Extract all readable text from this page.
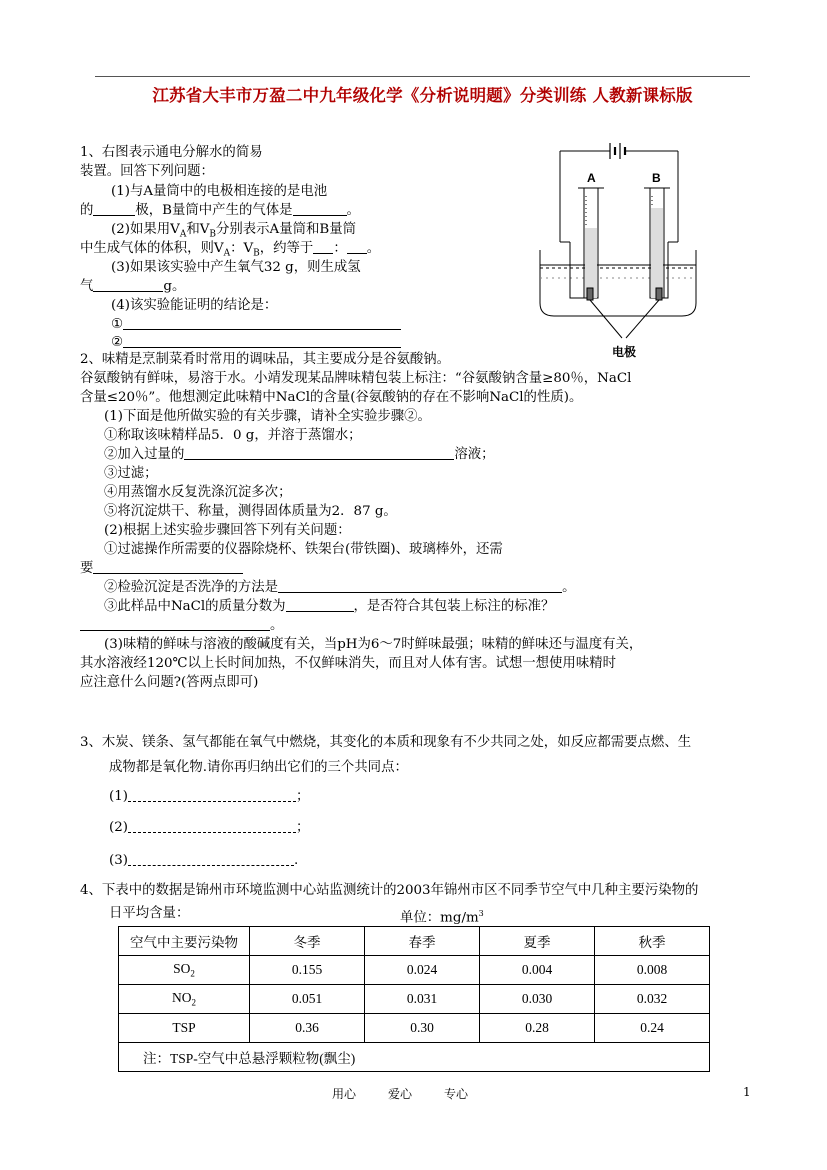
江苏省大丰市万盈二中九年级化学《分析说明题》分类训练 人教新课标版
1、右图表示通电分解水的简易
装置。回答下列问题：
(1)与A量筒中的电极相连接的是电池
的	极，B量筒中产生的气体是	。
(2)如果用$V_A$和$V_B$分别表示A量筒和B量筒
中生成气体的体积，则$V_A$：$V_B$，约等于 ： 。
(3)如果该实验中产生氧气32 g，则生成氢
气	g。
(4)该实验能证明的结论是：
①
②
A	B
电极
2、味精是烹制菜肴时常用的调味品，其主要成分是谷氨酸钠。
谷氨酸钠有鲜味，易溶于水。小靖发现某品牌味精包装上标注：“谷氨酸钠含量≥80％，NaCl
含量≤20％”。他想测定此味精中NaCl的含量(谷氨酸钠的存在不影响NaCl的性质)。
(1)下面是他所做实验的有关步骤，请补全实验步骤②。
①称取该味精样品5．0 g，并溶于蒸馏水；
②加入过量的	溶液；
③过滤；
④用蒸馏水反复洗涤沉淀多次；
⑤将沉淀烘干、称量，测得固体质量为2．87 g。
(2)根据上述实验步骤回答下列有关问题：
①过滤操作所需要的仪器除烧杯、铁架台(带铁圈)、玻璃棒外，还需
要
②检验沉淀是否洗净的方法是	。
③此样品中NaCl的质量分数为	，是否符合其包装上标注的标准？
。
(3)味精的鲜味与溶液的酸碱度有关，当pH为6～7时鲜味最强；味精的鲜味还与温度有关，
其水溶液经120℃以上长时间加热，不仅鲜味消失，而且对人体有害。试想一想使用味精时
应注意什么问题?(答两点即可)
3、木炭、镁条、氢气都能在氧气中燃烧，其变化的本质和现象有不少共同之处，如反应都需要点燃、生
成物都是氧化物.请你再归纳出它们的三个共同点：
(1)	；
(2)	；
(3)	.
4、下表中的数据是锦州市环境监测中心站监测统计的2003年锦州市区不同季节空气中几种主要污染物的
日平均含量：	单位：$mg/m^3$
空气中主要污染物	冬季	春季	夏季	秋季
$SO_2$	0.155	0.024	0.004	0.008
$NO_2$	0.051	0.031	0.030	0.032
TSP	0.36	0.30	0.28	0.24
注：TSP-空气中总悬浮颗粒物(飘尘)				
用心	爱心	专心	1
